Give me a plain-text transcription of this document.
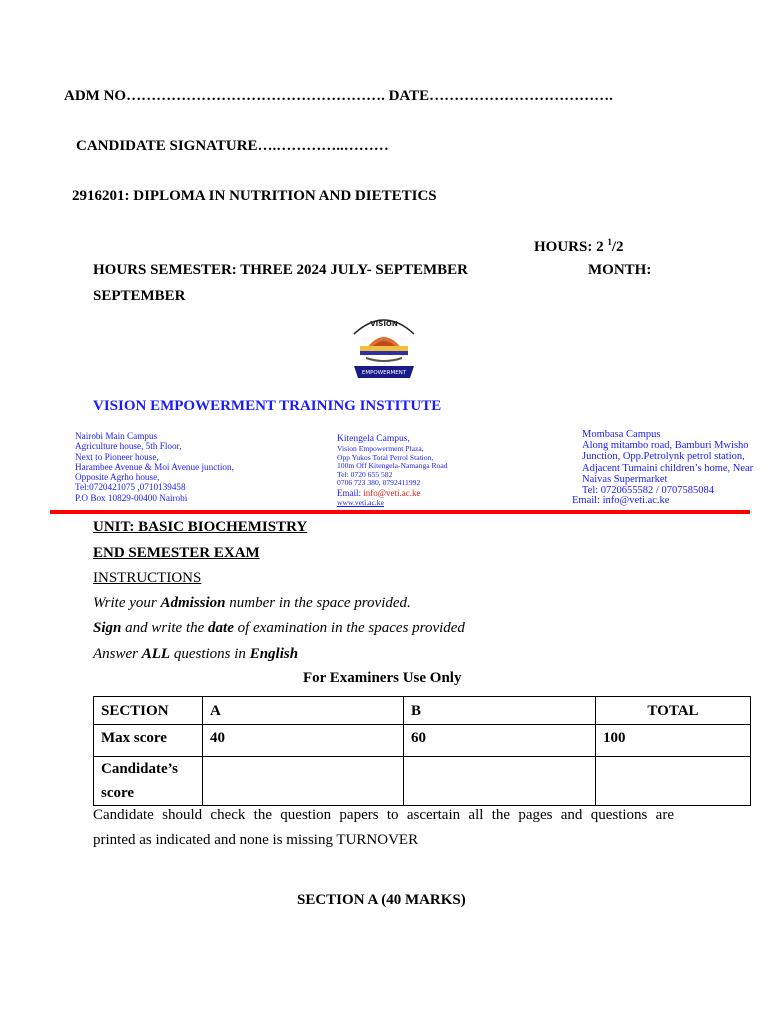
ADM NO……………………………………………. DATE……………………………….
CANDIDATE SIGNATURE….…………..………
2916201: DIPLOMA IN NUTRITION AND DIETETICS
HOURS: 2 $^1$/2
HOURS SEMESTER: THREE 2024 JULY- SEPTEMBER	MONTH:
SEPTEMBER
VISION
EMPOWERMENT
VISION EMPOWERMENT TRAINING INSTITUTE
Nairobi Main Campus
Agriculture house, 5th Floor,
Next to Pioneer house,
Harambee Avenue & Moi Avenue junction,
Opposite Agrho house,
Tel:0720421075 ,0710139458
P.O Box 10829-00400 Nairobi
Kitengela Campus,
Vision Empowerment Plaza,
Opp Yukos Total Petrol Station,
100m Off Kitengela-Namanga Road
Tel: 0720 655 582
0706 723 380, 0792411992
Email: info@veti.ac.ke
www.veti.ac.ke
Mombasa Campus
Along mitambo road, Bamburi Mwisho
Junction, Opp.Petrolynk petrol station,
Adjacent Tumaini children’s home, Near
Naivas Supermarket
Tel: 0720655582 / 0707585084
Email: info@veti.ac.ke
UNIT: BASIC BIOCHEMISTRY
END SEMESTER EXAM
INSTRUCTIONS
Write your Admission number in the space provided.
Sign and write the date of examination in the spaces provided
Answer ALL questions in English
For Examiners Use Only
SECTION	A	B	TOTAL
Max score	40	60	100

Candidate’s
score			

Candidate should check the question papers to ascertain all the pages and questions are
printed as indicated and none is missing TURNOVER
SECTION A (40 MARKS)
